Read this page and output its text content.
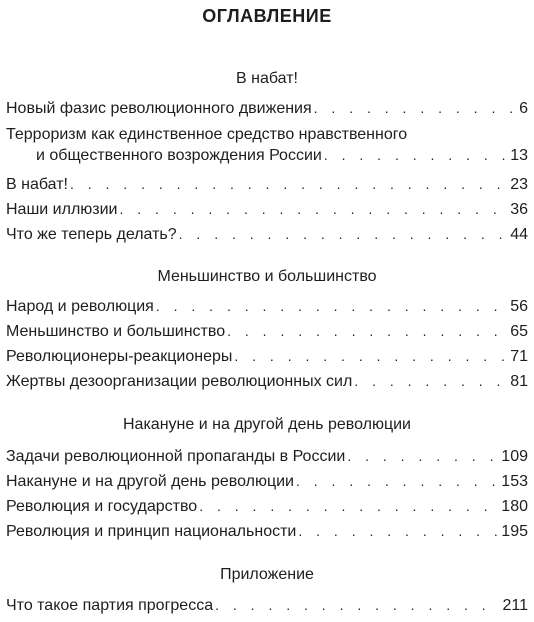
ОГЛАВЛЕНИЕ
В набат!
Новый фазис революционного движения . . .	6
Терроризм как единственное средство нравственного
и общественного возрождения России . . .	13
В набат! . . .	23
Наши иллюзии . . .	36
Что же теперь делать? . . .	44
Меньшинство и большинство
Народ и революция . . .	56
Меньшинство и большинство . . .	65
Революционеры-реакционеры . . .	71
Жертвы дезоорганизации революционных сил . . .	81
Накануне и на другой день революции
Задачи революционной пропаганды в России . . .	109
Накануне и на другой день революции . . .	153
Революция и государство . . .	180
Революция и принцип национальности . . .	195
Приложение
Что такое партия прогресса . . .	211
